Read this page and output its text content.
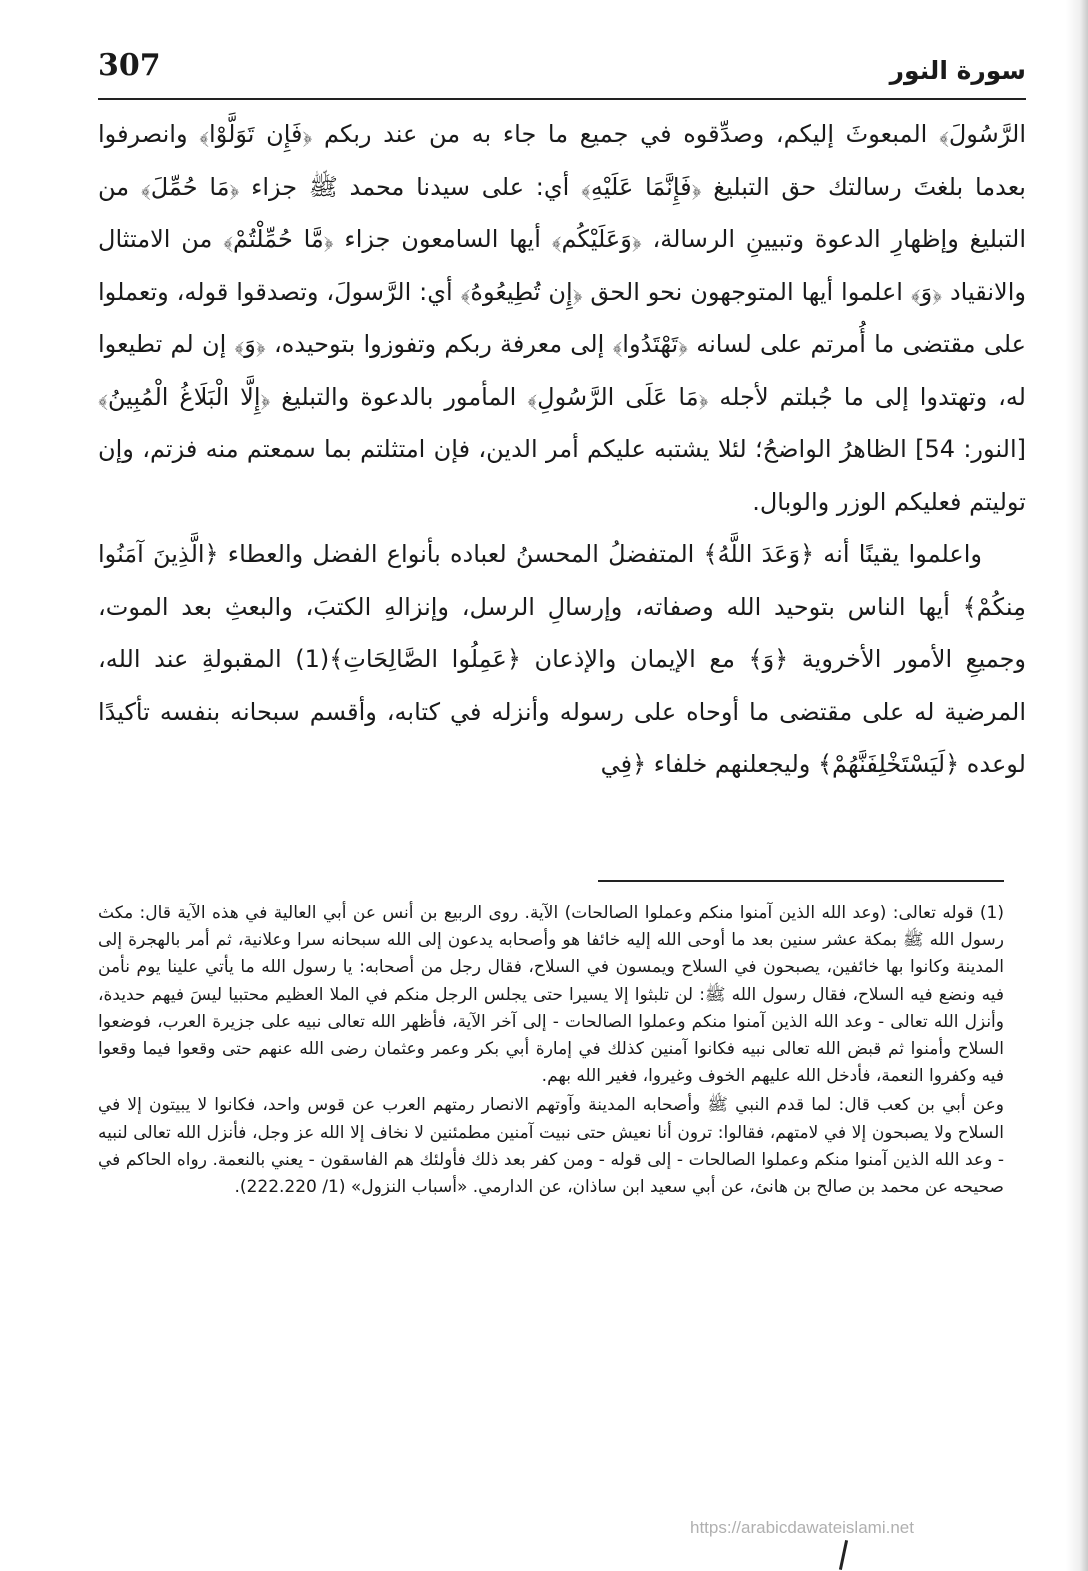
307	سورة النور

الرَّسُولَ﴾ المبعوثَ إليكم، وصدِّقوه في جميع ما جاء به من عند ربكم ﴿فَإِن تَوَلَّوْا﴾ وانصرفوا بعدما بلغتَ رسالتك حق التبليغ ﴿فَإِنَّمَا عَلَيْهِ﴾ أي: على سيدنا محمد ﷺ جزاء ﴿مَا حُمِّلَ﴾ من التبليغ وإظهارِ الدعوة وتبيينِ الرسالة، ﴿وَعَلَيْكُم﴾ أيها السامعون جزاء ﴿مَّا حُمِّلْتُمْ﴾ من الامتثال والانقياد ﴿وَ﴾ اعلموا أيها المتوجهون نحو الحق ﴿إِن تُطِيعُوهُ﴾ أي: الرَّسولَ، وتصدقوا قوله، وتعملوا على مقتضى ما أُمرتم على لسانه ﴿تَهْتَدُوا﴾ إلى معرفة ربكم وتفوزوا بتوحيده، ﴿وَ﴾ إن لم تطيعوا له، وتهتدوا إلى ما جُبلتم لأجله ﴿مَا عَلَى الرَّسُولِ﴾ المأمور بالدعوة والتبليغ ﴿إِلَّا الْبَلَاغُ الْمُبِينُ﴾ [النور: 54] الظاهرُ الواضحُ؛ لئلا يشتبه عليكم أمر الدين، فإن امتثلتم بما سمعتم منه فزتم، وإن توليتم فعليكم الوزر والوبال.

واعلموا يقينًا أنه ﴿وَعَدَ اللَّهُ﴾ المتفضلُ المحسنُ لعباده بأنواع الفضل والعطاء ﴿الَّذِينَ آمَنُوا مِنكُمْ﴾ أيها الناس بتوحيد الله وصفاته، وإرسالِ الرسل، وإنزالهِ الكتبَ، والبعثِ بعد الموت، وجميعِ الأمور الأخروية ﴿وَ﴾ مع الإيمان والإذعان ﴿عَمِلُوا الصَّالِحَاتِ﴾(1) المقبولةِ عند الله، المرضية له على مقتضى ما أوحاه على رسوله وأنزله في كتابه، وأقسم سبحانه بنفسه تأكيدًا لوعده ﴿لَيَسْتَخْلِفَنَّهُمْ﴾ وليجعلنهم خلفاء ﴿فِي

(1) قوله تعالى: (وعد الله الذين آمنوا منكم وعملوا الصالحات) الآية. روى الربيع بن أنس عن أبي العالية في هذه الآية قال: مكث رسول الله ﷺ بمكة عشر سنين بعد ما أوحى الله إليه خائفا هو وأصحابه يدعون إلى الله سبحانه سرا وعلانية، ثم أمر بالهجرة إلى المدينة وكانوا بها خائفين، يصبحون في السلاح ويمسون في السلاح، فقال رجل من أصحابه: يا رسول الله ما يأتي علينا يوم نأمن فيه ونضع فيه السلاح، فقال رسول الله ﷺ: لن تلبثوا إلا يسيرا حتى يجلس الرجل منكم في الملا العظيم محتبيا ليسَ فيهم حديدة، وأنزل الله تعالى - وعد الله الذين آمنوا منكم وعملوا الصالحات - إلى آخر الآية، فأظهر الله تعالى نبيه على جزيرة العرب، فوضعوا السلاح وأمنوا ثم قبض الله تعالى نبيه فكانوا آمنين كذلك في إمارة أبي بكر وعمر وعثمان رضى الله عنهم حتى وقعوا فيما وقعوا فيه وكفروا النعمة، فأدخل الله عليهم الخوف وغيروا، فغير الله بهم.

وعن أبي بن كعب قال: لما قدم النبي ﷺ وأصحابه المدينة وآوتهم الانصار رمتهم العرب عن قوس واحد، فكانوا لا يبيتون إلا في السلاح ولا يصبحون إلا في لامتهم، فقالوا: ترون أنا نعيش حتى نبيت آمنين مطمئنين لا نخاف إلا الله عز وجل، فأنزل الله تعالى لنبيه - وعد الله الذين آمنوا منكم وعملوا الصالحات - إلى قوله - ومن كفر بعد ذلك فأولئك هم الفاسقون - يعني بالنعمة. رواه الحاكم في صحيحه عن محمد بن صالح بن هانئ، عن أبي سعيد ابن ساذان، عن الدارمي. «أسباب النزول» (1/ 222.220).

https://arabicdawateislami.net
